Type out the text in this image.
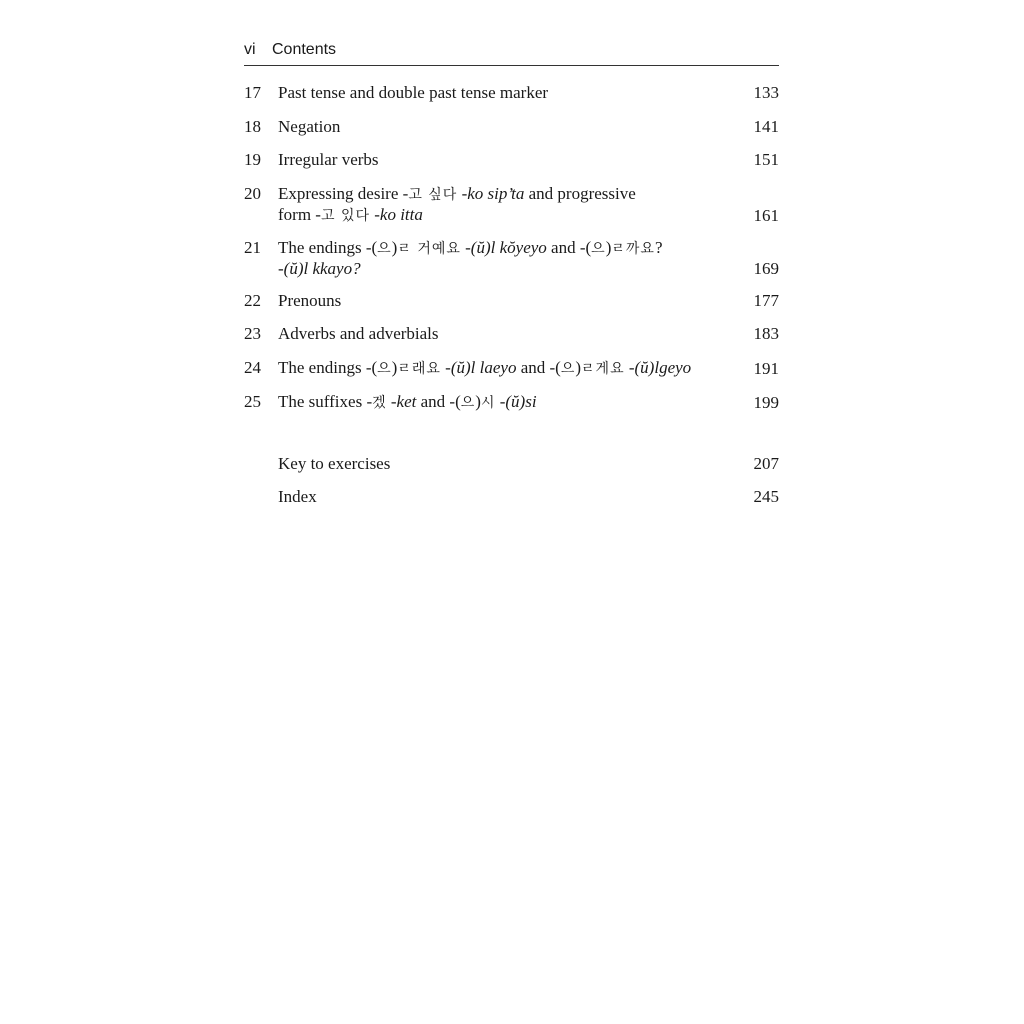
vi	Contents
17	Past tense and double past tense marker	133
18	Negation	141
19	Irregular verbs	151
20	Expressing desire -고 싶다 -ko sip’ta and progressive
form -고 있다 -ko itta	161
21	The endings -(으)ㄹ 거예요 -(ŭ)l kŏyeyo and -(으)ㄹ까요?
-(ŭ)l kkayo?	169
22	Prenouns	177
23	Adverbs and adverbials	183
24	The endings -(으)ㄹ래요 -(ŭ)l laeyo and -(으)ㄹ게요 -(ŭ)lgeyo	191
25	The suffixes -겠 -ket and -(으)시 -(ŭ)si	199
Key to exercises	207
Index	245
